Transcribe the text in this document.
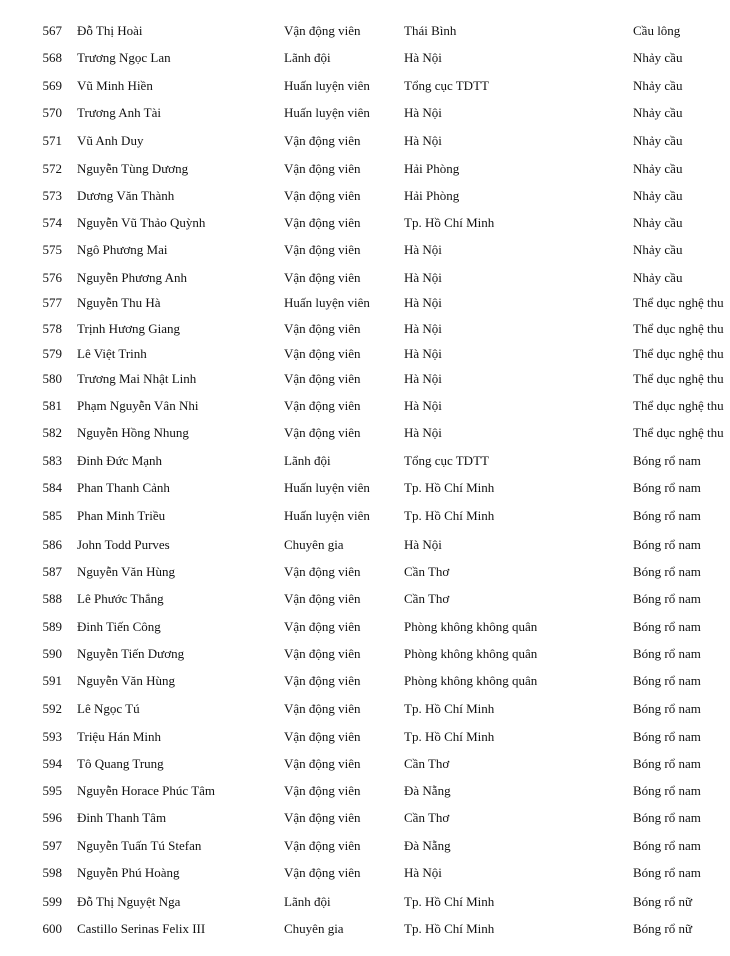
567 Đỗ Thị Hoài	Vận động viên	Thái Bình	Cầu lông
568 Trương Ngọc Lan	Lãnh đội	Hà Nội	Nhảy cầu
569 Vũ Minh Hiền	Huấn luyện viên	Tổng cục TDTT	Nhảy cầu
570 Trương Anh Tài	Huấn luyện viên	Hà Nội	Nhảy cầu
571 Vũ Anh Duy	Vận động viên	Hà Nội	Nhảy cầu
572 Nguyễn Tùng Dương	Vận động viên	Hải Phòng	Nhảy cầu
573 Dương Văn Thành	Vận động viên	Hải Phòng	Nhảy cầu
574 Nguyễn Vũ Thảo Quỳnh	Vận động viên	Tp. Hồ Chí Minh	Nhảy cầu
575 Ngô Phương Mai	Vận động viên	Hà Nội	Nhảy cầu
576 Nguyễn Phương Anh	Vận động viên	Hà Nội	Nhảy cầu
577 Nguyễn Thu Hà	Huấn luyện viên	Hà Nội	Thể dục nghệ thu
578 Trịnh Hương Giang	Vận động viên	Hà Nội	Thể dục nghệ thu
579 Lê Việt Trinh	Vận động viên	Hà Nội	Thể dục nghệ thu
580 Trương Mai Nhật Linh	Vận động viên	Hà Nội	Thể dục nghệ thu
581 Phạm Nguyễn Vân Nhi	Vận động viên	Hà Nội	Thể dục nghệ thu
582 Nguyễn Hồng Nhung	Vận động viên	Hà Nội	Thể dục nghệ thu
583 Đinh Đức Mạnh	Lãnh đội	Tổng cục TDTT	Bóng rổ nam
584 Phan Thanh Cảnh	Huấn luyện viên	Tp. Hồ Chí Minh	Bóng rổ nam
585 Phan Minh Triều	Huấn luyện viên	Tp. Hồ Chí Minh	Bóng rổ nam
586 John Todd Purves	Chuyên gia	Hà Nội	Bóng rổ nam
587 Nguyễn Văn Hùng	Vận động viên	Cần Thơ	Bóng rổ nam
588 Lê Phước Thắng	Vận động viên	Cần Thơ	Bóng rổ nam
589 Đinh Tiến Công	Vận động viên	Phòng không không quân	Bóng rổ nam
590 Nguyễn Tiến Dương	Vận động viên	Phòng không không quân	Bóng rổ nam
591 Nguyễn Văn Hùng	Vận động viên	Phòng không không quân	Bóng rổ nam
592 Lê Ngọc Tú	Vận động viên	Tp. Hồ Chí Minh	Bóng rổ nam
593 Triệu Hán Minh	Vận động viên	Tp. Hồ Chí Minh	Bóng rổ nam
594 Tô Quang Trung	Vận động viên	Cần Thơ	Bóng rổ nam
595 Nguyễn Horace Phúc Tâm	Vận động viên	Đà Nẵng	Bóng rổ nam
596 Đinh Thanh Tâm	Vận động viên	Cần Thơ	Bóng rổ nam
597 Nguyễn Tuấn Tú Stefan	Vận động viên	Đà Nẵng	Bóng rổ nam
598 Nguyễn Phú Hoàng	Vận động viên	Hà Nội	Bóng rổ nam
599 Đỗ Thị Nguyệt Nga	Lãnh đội	Tp. Hồ Chí Minh	Bóng rổ nữ
600 Castillo Serinas Felix III	Chuyên gia	Tp. Hồ Chí Minh	Bóng rổ nữ
